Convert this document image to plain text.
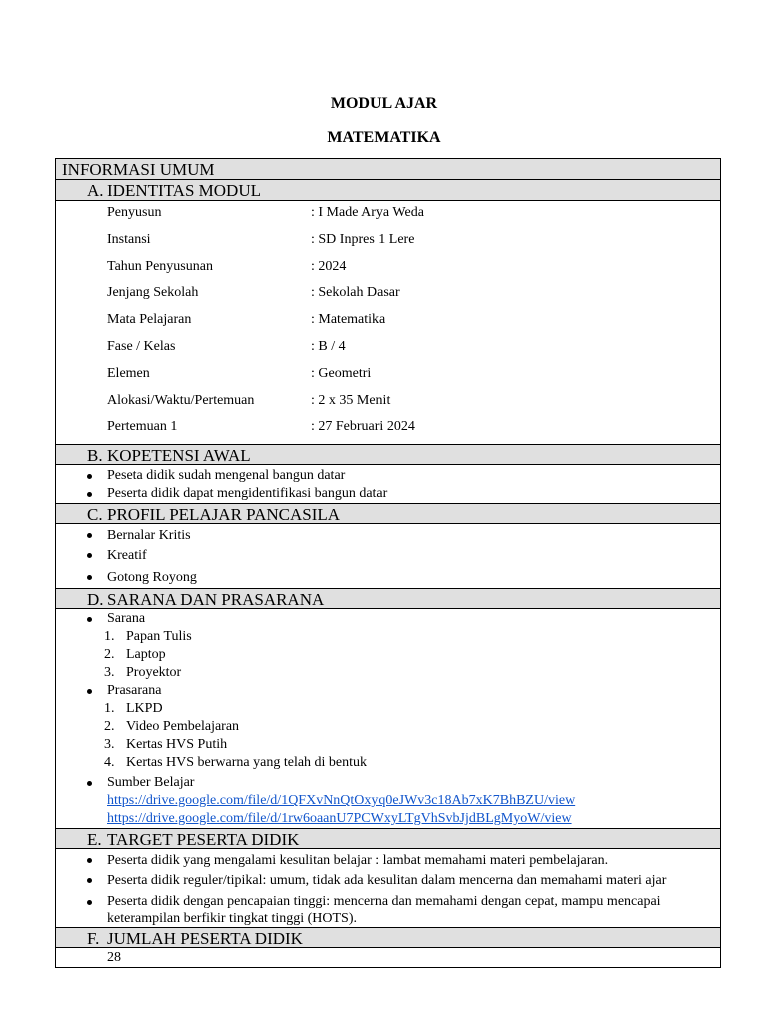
MODUL AJAR
MATEMATIKA
INFORMASI UMUM
A. IDENTITAS MODUL
Penyusun	: I Made Arya Weda
Instansi	: SD Inpres 1 Lere
Tahun Penyusunan	: 2024
Jenjang Sekolah	: Sekolah Dasar
Mata Pelajaran	: Matematika
Fase / Kelas	: B / 4
Elemen	: Geometri
Alokasi/Waktu/Pertemuan	: 2 x 35 Menit
Pertemuan 1	: 27 Februari 2024
B. KOPETENSI AWAL
Peseta didik sudah mengenal bangun datar
Peserta didik dapat mengidentifikasi bangun datar
C. PROFIL PELAJAR PANCASILA
Bernalar Kritis
Kreatif
Gotong Royong
D. SARANA DAN PRASARANA
Sarana
1. Papan Tulis
2. Laptop
3. Proyektor
Prasarana
1. LKPD
2. Video Pembelajaran
3. Kertas HVS Putih
4. Kertas HVS berwarna yang telah di bentuk
Sumber Belajar
https://drive.google.com/file/d/1QFXvNnQtOxyq0eJWv3c18Ab7xK7BhBZU/view
https://drive.google.com/file/d/1rw6oaanU7PCWxyLTgVhSvbJjdBLgMyoW/view
E. TARGET PESERTA DIDIK
Peserta didik yang mengalami kesulitan belajar : lambat memahami materi pembelajaran.
Peserta didik reguler/tipikal: umum, tidak ada kesulitan dalam mencerna dan memahami materi ajar
Peserta didik dengan pencapaian tinggi: mencerna dan memahami dengan cepat, mampu mencapai keterampilan berfikir tingkat tinggi (HOTS).
F. JUMLAH PESERTA DIDIK
28
